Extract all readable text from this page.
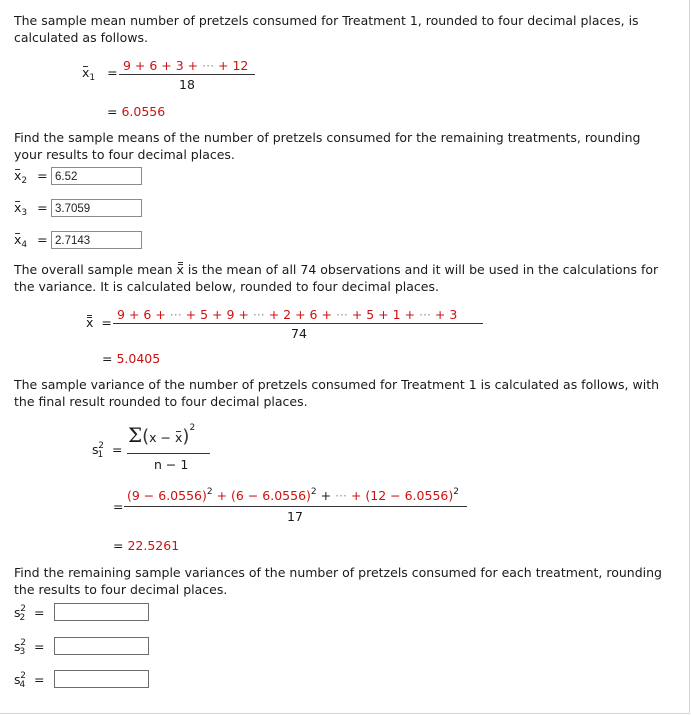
The sample mean number of pretzels consumed for Treatment 1, rounded to four decimal places, is calculated as follows.
$x_1 = 9 + 6 + 3$ + ··· + 12
18
= 6.0556
Find the sample means of the number of pretzels consumed for the remaining treatments, rounding your results to four decimal places.
$x_2 = 6.52$
$x_3 = 3.7059$
$x_4 = 2.7143$
The overall sample mean x is the mean of all 74 observations and it will be used in the calculations for the variance. It is calculated below, rounded to four decimal places.
x =
9 + 6 + ··· + 5 + 9 + ··· + 2 + 6 + ··· + 5 + 1 + ··· + 3
74
= 5.0405
The sample variance of the number of pretzels consumed for Treatment 1 is calculated as follows, with the final result rounded to four decimal places.
$s_1^2$ =
$\Sigma(x - x)^2$
n − 1
=
$(9 - 6.0556)^2 + (6 - 6.0556)^2$ + ··· + $(12 - 6.0556)^2$
17
= 22.5261
Find the remaining sample variances of the number of pretzels consumed for each treatment, rounding the results to four decimal places.
$s_2^2$ =
$s_3^2$ =
$s_4^2$ =
